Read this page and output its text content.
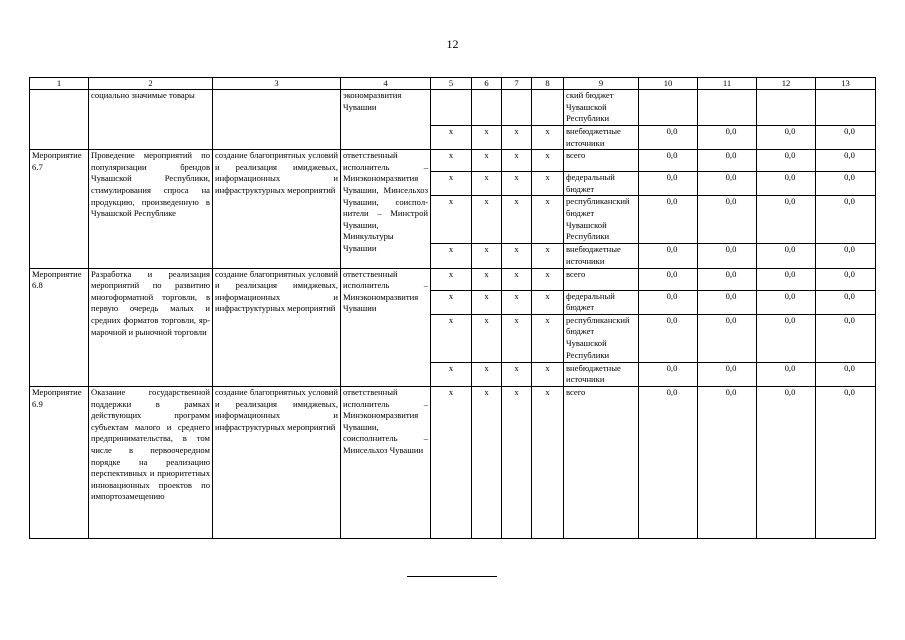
12
1	2	3	4	5	6	7	8	9	10	11	12	13
	социально значимые товары		экономразвития Чувашии					ский бюджет Чувашской Республики				
				x	x	x	x	внебюджетные источники	0,0	0,0	0,0	0,0
Мероприятие 6.7	Проведение мероприятий по популяризации брендов Чувашской Республики, стимулирования спроса на продукцию, произведенную в Чувашской Республике	создание благоприятных условий и реализация имиджевых, информационных и инфраструктурных мероприятий	ответственный исполнитель – Минэкономразвития Чувашии, Минсельхоз Чувашии, соисполнители – Минстрой Чувашии, Минкультуры Чувашии	x	x	x	x	всего	0,0	0,0	0,0	0,0
				x	x	x	x	федеральный бюджет	0,0	0,0	0,0	0,0
				x	x	x	x	республиканский бюджет Чувашской Республики	0,0	0,0	0,0	0,0
				x	x	x	x	внебюджетные источники	0,0	0,0	0,0	0,0
Мероприятие 6.8	Разработка и реализация мероприятий по развитию многоформатной торговли, в первую очередь малых и средних форматов торговли, ярмарочной и рыночной торговли	создание благоприятных условий и реализация имиджевых, информационных и инфраструктурных мероприятий	ответственный исполнитель – Минэкономразвития Чувашии	x	x	x	x	всего	0,0	0,0	0,0	0,0
				x	x	x	x	федеральный бюджет	0,0	0,0	0,0	0,0
				x	x	x	x	республиканский бюджет Чувашской Республики	0,0	0,0	0,0	0,0
				x	x	x	x	внебюджетные источники	0,0	0,0	0,0	0,0
Мероприятие 6.9	Оказание государственной поддержки в рамках действующих программ субъектам малого и среднего предпринимательства, в том числе в первоочередном порядке на реализацию перспективных и приоритетных инновационных проектов по импортозамещению	создание благоприятных условий и реализация имиджевых, информационных и инфраструктурных мероприятий	ответственный исполнитель – Минэкономразвития Чувашии, соисполнитель – Минсельхоз Чувашии	x	x	x	x	всего	0,0	0,0	0,0	0,0
